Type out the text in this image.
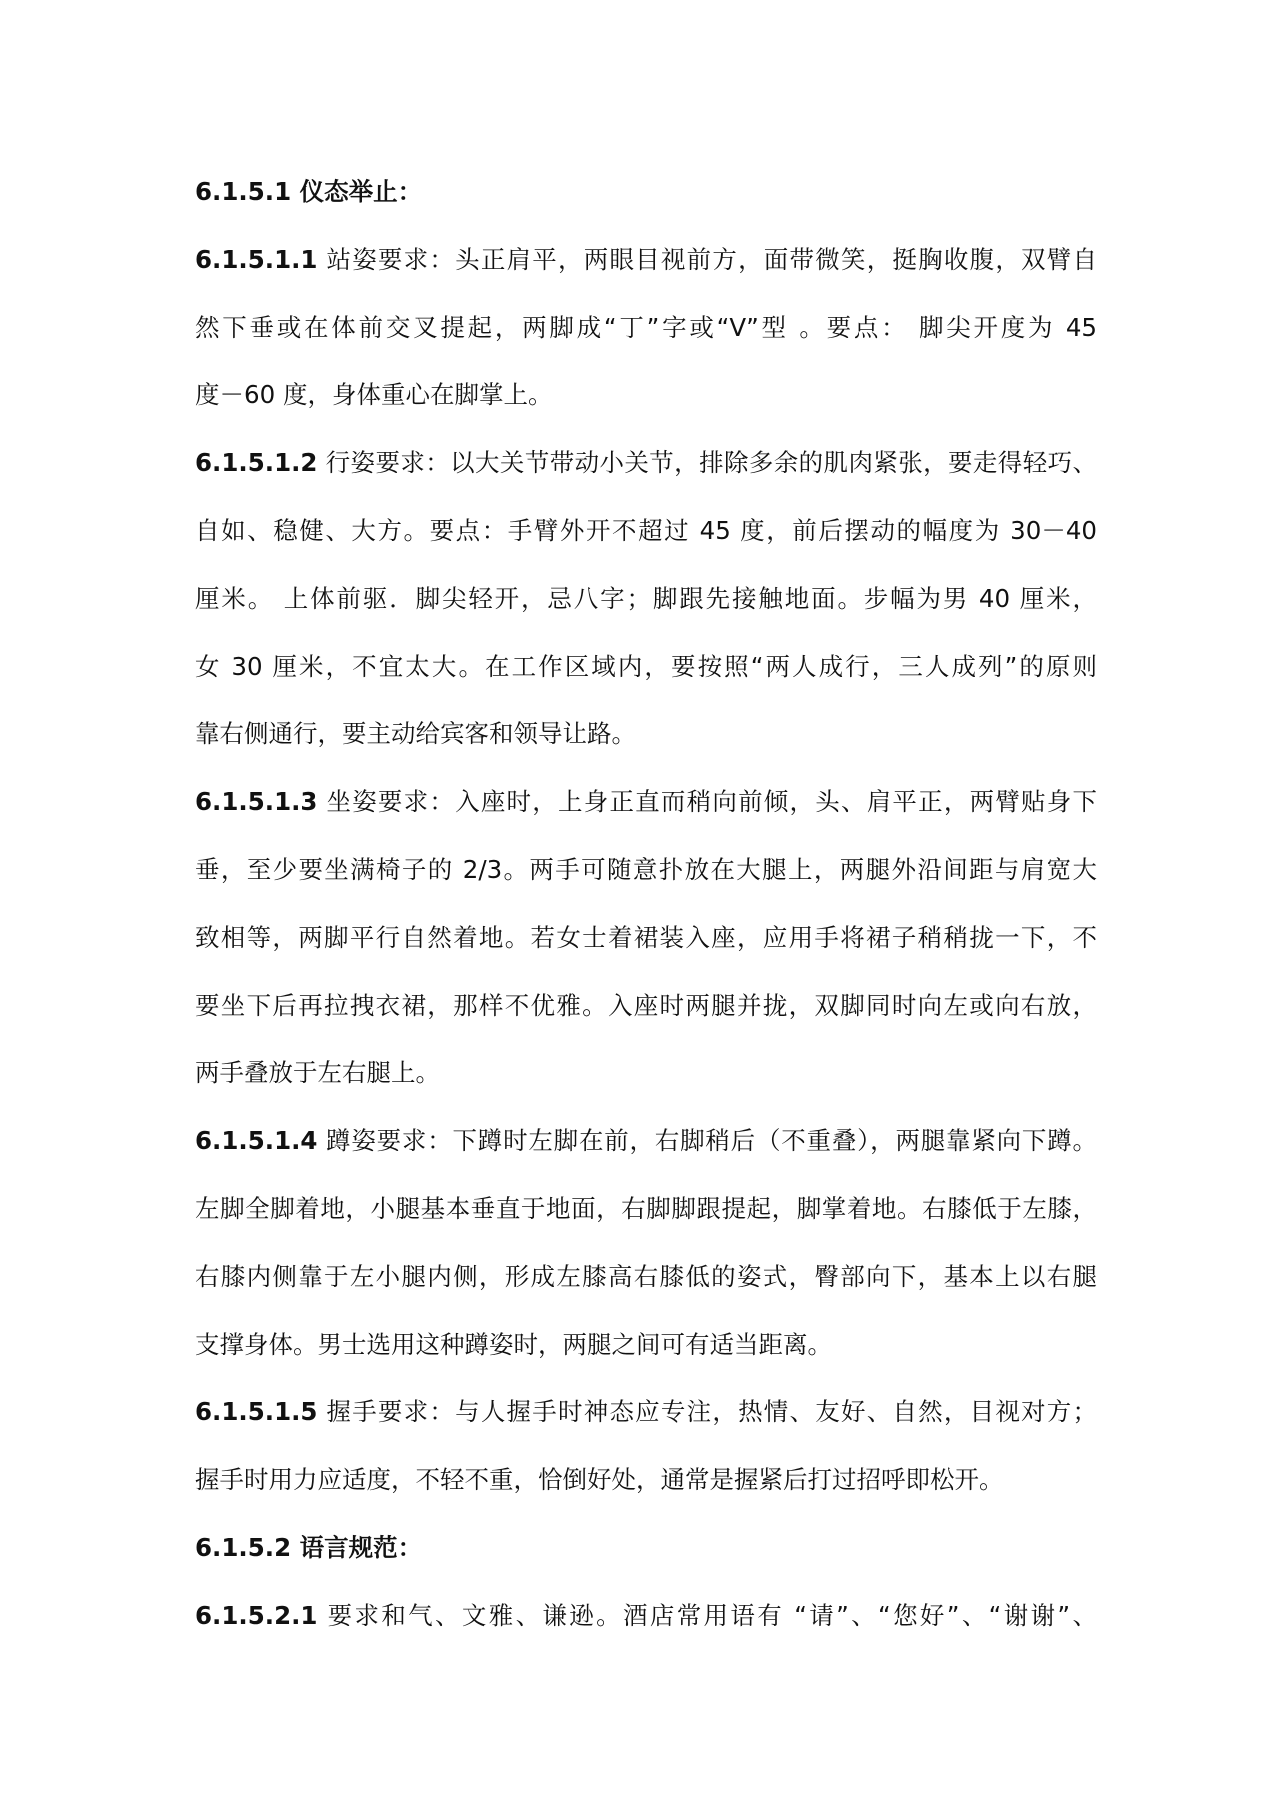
6.1.5.1 仪态举止：
6.1.5.1.1 站姿要求：头正肩平，两眼目视前方，面带微笑，挺胸收腹，双臂自
然下垂或在体前交叉提起，两脚成“丁”字或“V”型 。要点： 脚尖开度为 45
度－60 度，身体重心在脚掌上。
6.1.5.1.2 行姿要求：以大关节带动小关节，排除多余的肌肉紧张，要走得轻巧、
自如、稳健、大方。要点：手臂外开不超过 45 度，前后摆动的幅度为 30－40
厘米。 上体前驱．脚尖轻开，忌八字；脚跟先接触地面。步幅为男 40 厘米，
女 30 厘米，不宜太大。在工作区域内，要按照“两人成行，三人成列”的原则
靠右侧通行，要主动给宾客和领导让路。
6.1.5.1.3 坐姿要求：入座时，上身正直而稍向前倾，头、肩平正，两臂贴身下
垂，至少要坐满椅子的 2/3。两手可随意扑放在大腿上，两腿外沿间距与肩宽大
致相等，两脚平行自然着地。若女士着裙装入座，应用手将裙子稍稍拢一下，不
要坐下后再拉拽衣裙，那样不优雅。入座时两腿并拢，双脚同时向左或向右放，
两手叠放于左右腿上。
6.1.5.1.4 蹲姿要求：下蹲时左脚在前，右脚稍后（不重叠），两腿靠紧向下蹲。
左脚全脚着地，小腿基本垂直于地面，右脚脚跟提起，脚掌着地。右膝低于左膝，
右膝内侧靠于左小腿内侧，形成左膝高右膝低的姿式，臀部向下，基本上以右腿
支撑身体。男士选用这种蹲姿时，两腿之间可有适当距离。
6.1.5.1.5 握手要求：与人握手时神态应专注，热情、友好、自然，目视对方；
握手时用力应适度，不轻不重，恰倒好处，通常是握紧后打过招呼即松开。
6.1.5.2 语言规范：
6.1.5.2.1 要求和气、文雅、谦逊。酒店常用语有 “请”、“您好”、“谢谢”、
